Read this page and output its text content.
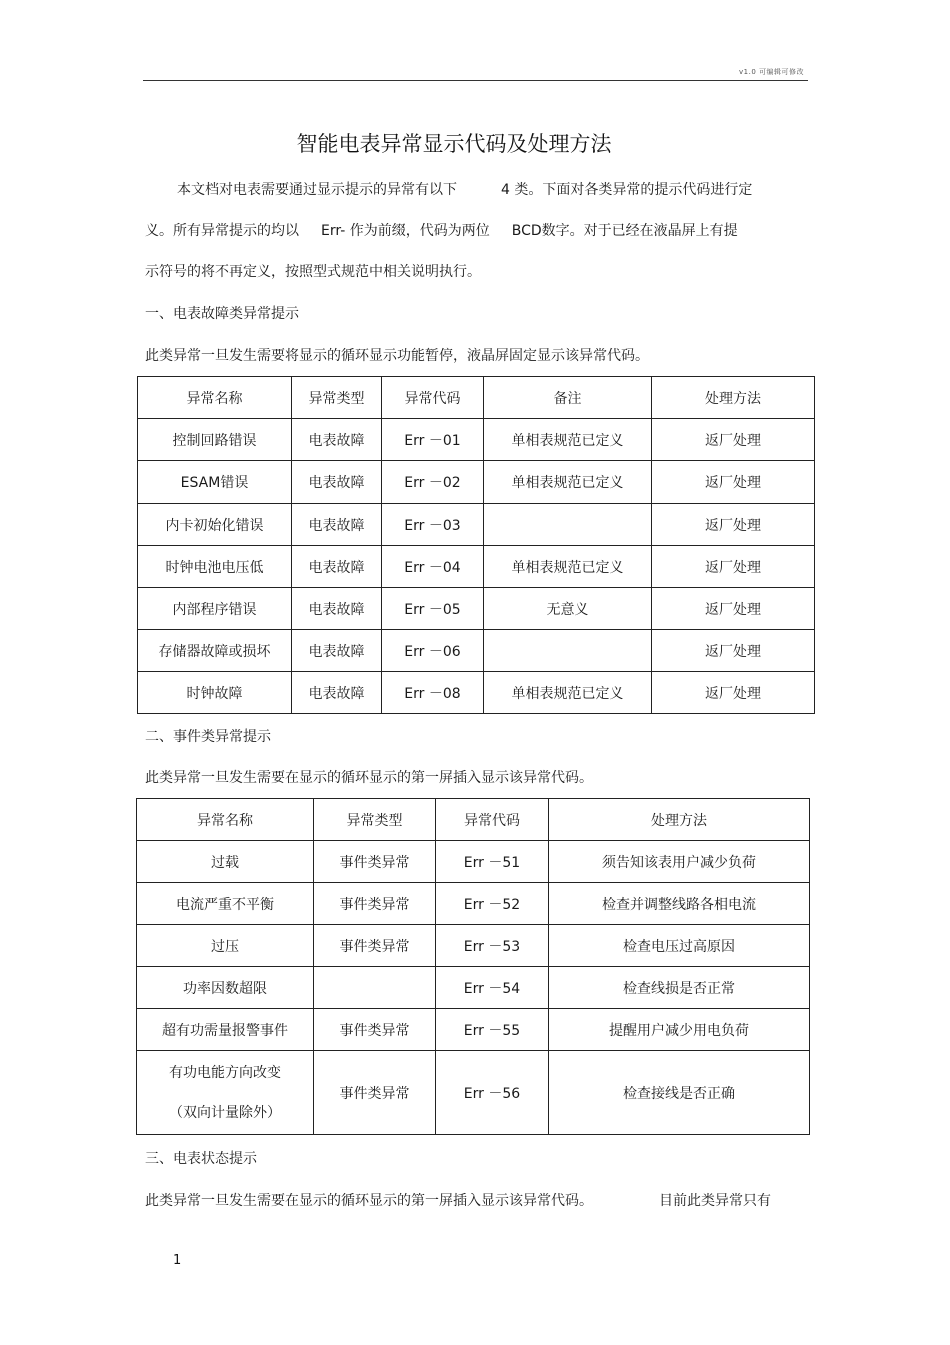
v1.0 可编辑可修改
智能电表异常显示代码及处理方法
本文档对电表需要通过显示提示的异常有以下	4 类。下面对各类异常的提示代码进行定
义。所有异常提示的均以 Err- 作为前缀，代码为两位 BCD数字。对于已经在液晶屏上有提
示符号的将不再定义，按照型式规范中相关说明执行。
一、电表故障类异常提示
此类异常一旦发生需要将显示的循环显示功能暂停，液晶屏固定显示该异常代码。
异常名称	异常类型	异常代码	备注	处理方法
控制回路错误	电表故障	Err －01	单相表规范已定义	返厂处理
ESAM错误	电表故障	Err －02	单相表规范已定义	返厂处理
内卡初始化错误	电表故障	Err －03		返厂处理
时钟电池电压低	电表故障	Err －04	单相表规范已定义	返厂处理
内部程序错误	电表故障	Err －05	无意义	返厂处理
存储器故障或损坏	电表故障	Err －06		返厂处理
时钟故障	电表故障	Err －08	单相表规范已定义	返厂处理
二、事件类异常提示
此类异常一旦发生需要在显示的循环显示的第一屏插入显示该异常代码。
异常名称	异常类型	异常代码	处理方法
过载	事件类异常	Err －51	须告知该表用户减少负荷
电流严重不平衡	事件类异常	Err －52	检查并调整线路各相电流
过压	事件类异常	Err －53	检查电压过高原因
功率因数超限		Err －54	检查线损是否正常
超有功需量报警事件	事件类异常	Err －55	提醒用户减少用电负荷

有功电能方向改变
（双向计量除外）	事件类异常	Err －56	检查接线是否正确
三、电表状态提示
此类异常一旦发生需要在显示的循环显示的第一屏插入显示该异常代码。	目前此类异常只有
1
